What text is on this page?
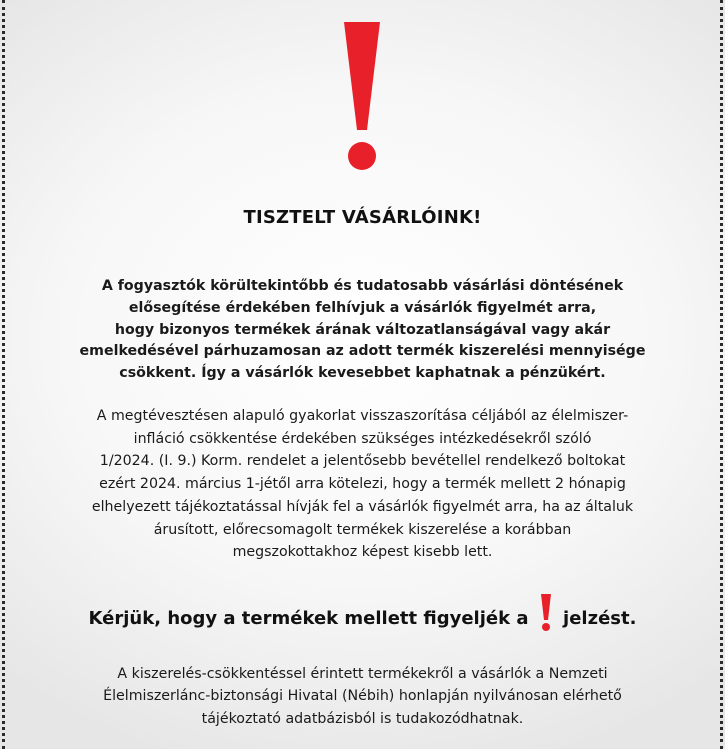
TISZTELT VÁSÁRLÓINK!

A fogyasztók körültekintőbb és tudatosabb vásárlási döntésének
elősegítése érdekében felhívjuk a vásárlók figyelmét arra,
hogy bizonyos termékek árának változatlanságával vagy akár
emelkedésével párhuzamosan az adott termék kiszerelési mennyisége
csökkent. Így a vásárlók kevesebbet kaphatnak a pénzükért.

A megtévesztésen alapuló gyakorlat visszaszorítása céljából az élelmiszer-
infláció csökkentése érdekében szükséges intézkedésekről szóló
1/2024. (I. 9.) Korm. rendelet a jelentősebb bevétellel rendelkező boltokat
ezért 2024. március 1-jétől arra kötelezi, hogy a termék mellett 2 hónapig
elhelyezett tájékoztatással hívják fel a vásárlók figyelmét arra, ha az általuk
árusított, előrecsomagolt termékek kiszerelése a korábban
megszokottakhoz képest kisebb lett.

Kérjük, hogy a termékek mellett figyeljék a jelzést.

A kiszerelés-csökkentéssel érintett termékekről a vásárlók a Nemzeti
Élelmiszerlánc-biztonsági Hivatal (Nébih) honlapján nyilvánosan elérhető
tájékoztató adatbázisból is tudakozódhatnak.
